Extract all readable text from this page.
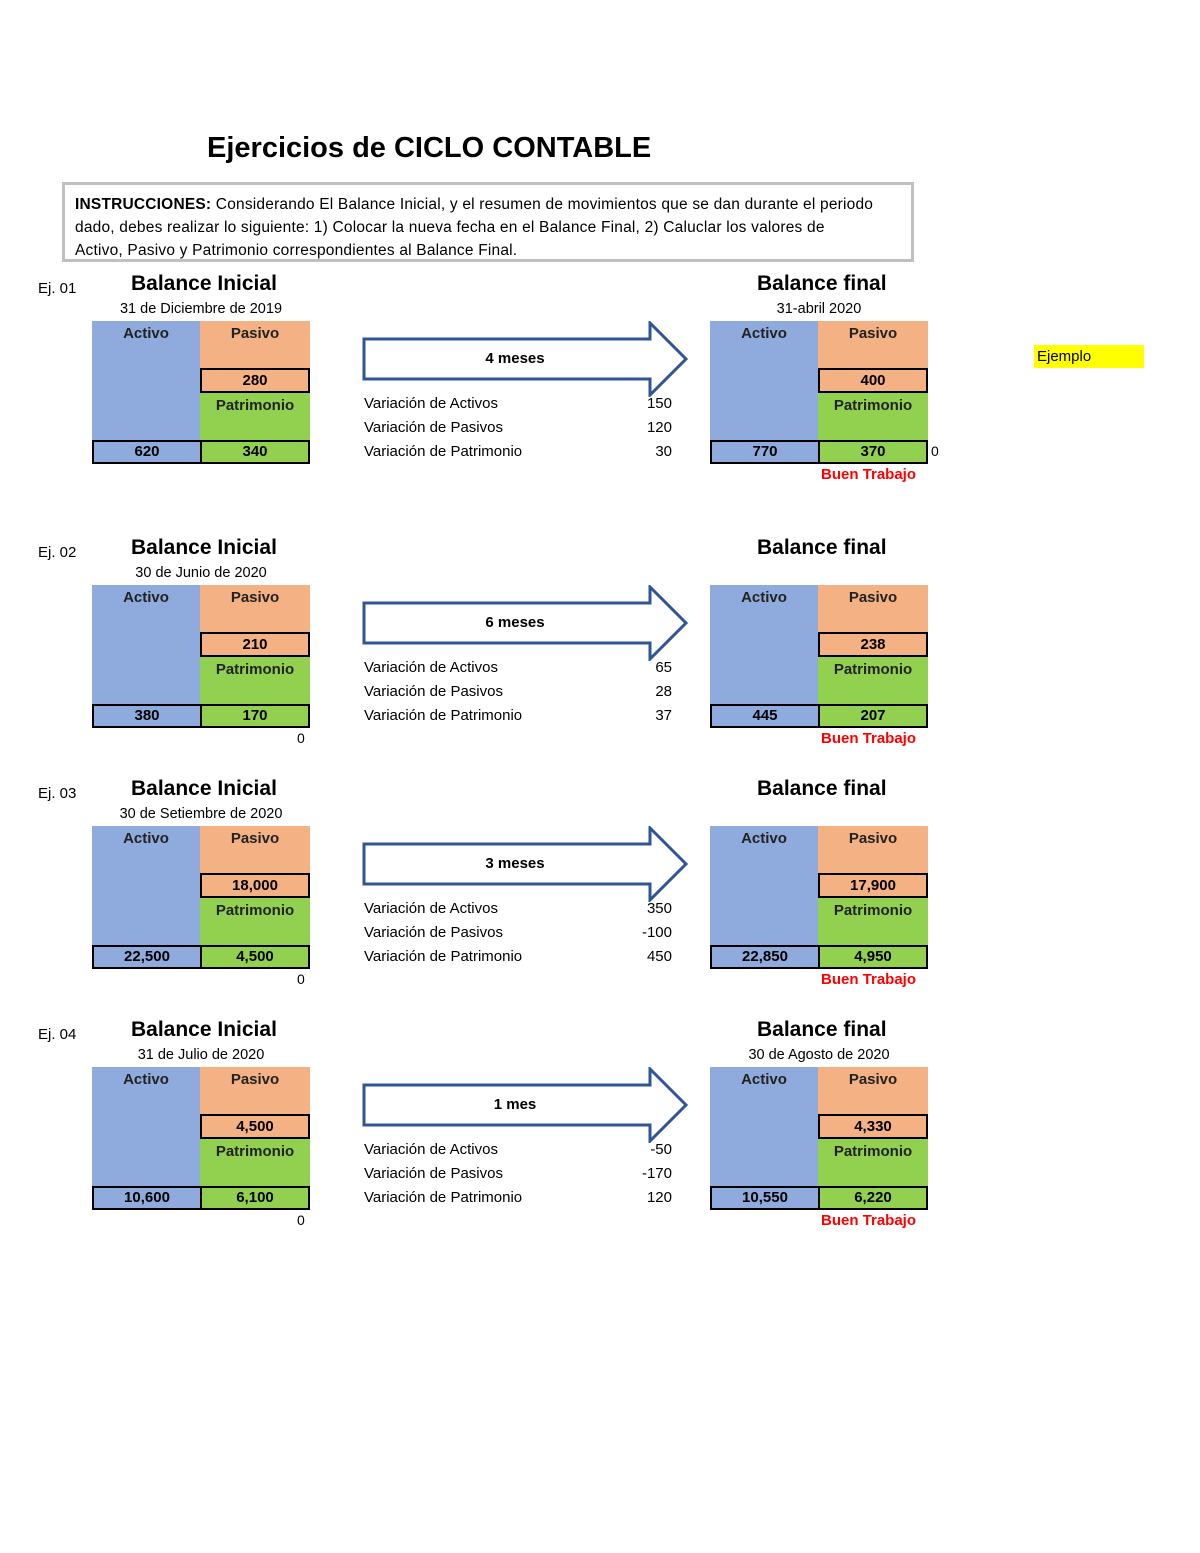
Ejercicios de CICLO CONTABLE
INSTRUCCIONES: Considerando El Balance Inicial, y el resumen de movimientos que se dan durante el periodo
dado, debes realizar lo siguiente: 1) Colocar la nueva fecha en el Balance Final, 2) Caluclar los valores de
Activo, Pasivo y Patrimonio correspondientes al Balance Final.
Ejemplo
Ej. 01	Balance Inicial	Balance final
31 de Diciembre de 2019	31-abril 2020
Activo	Pasivo
280
Patrimonio
620	340
4 meses
Variación de Activos	150
Variación de Pasivos	120
Variación de Patrimonio	30
Activo	Pasivo
400
Patrimonio
770	370	0
Buen Trabajo
Ej. 02	Balance Inicial	Balance final
30 de Junio de 2020
Activo	Pasivo
210
Patrimonio
380	170
6 meses
Variación de Activos	65
Variación de Pasivos	28
Variación de Patrimonio	37
Activo	Pasivo
238
Patrimonio
445	207
0	Buen Trabajo
Ej. 03	Balance Inicial	Balance final
30 de Setiembre de 2020
Activo	Pasivo
18,000
Patrimonio
22,500	4,500
3 meses
Variación de Activos	350
Variación de Pasivos	-100
Variación de Patrimonio	450
Activo	Pasivo
17,900
Patrimonio
22,850	4,950
0	Buen Trabajo
Ej. 04	Balance Inicial	Balance final
31 de Julio de 2020	30 de Agosto de 2020
Activo	Pasivo
4,500
Patrimonio
10,600	6,100
1 mes
Variación de Activos	-50
Variación de Pasivos	-170
Variación de Patrimonio	120
Activo	Pasivo
4,330
Patrimonio
10,550	6,220
0	Buen Trabajo
